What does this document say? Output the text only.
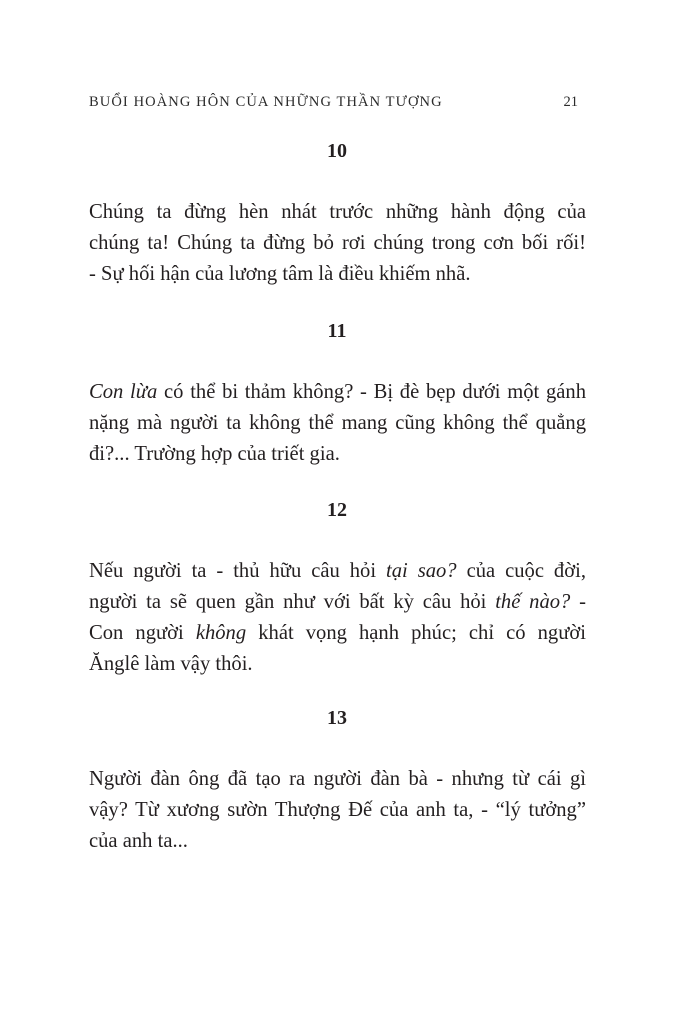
BUỔI HOÀNG HÔN CỦA NHỮNG THẦN TƯỢNG	21
10

Chúng ta đừng hèn nhát trước những hành động của
chúng ta! Chúng ta đừng bỏ rơi chúng trong cơn bối rối!
- Sự hối hận của lương tâm là điều khiếm nhã.

11

Con lừa có thể bi thảm không? - Bị đè bẹp dưới một gánh
nặng mà người ta không thể mang cũng không thể quẳng
đi?... Trường hợp của triết gia.

12

Nếu người ta - thủ hữu câu hỏi tại sao? của cuộc đời,
người ta sẽ quen gần như với bất kỳ câu hỏi thế nào? -
Con người không khát vọng hạnh phúc; chỉ có người
Ănglê làm vậy thôi.

13

Người đàn ông đã tạo ra người đàn bà - nhưng từ cái gì
vậy? Từ xương sườn Thượng Đế của anh ta, - “lý tưởng”
của anh ta...
